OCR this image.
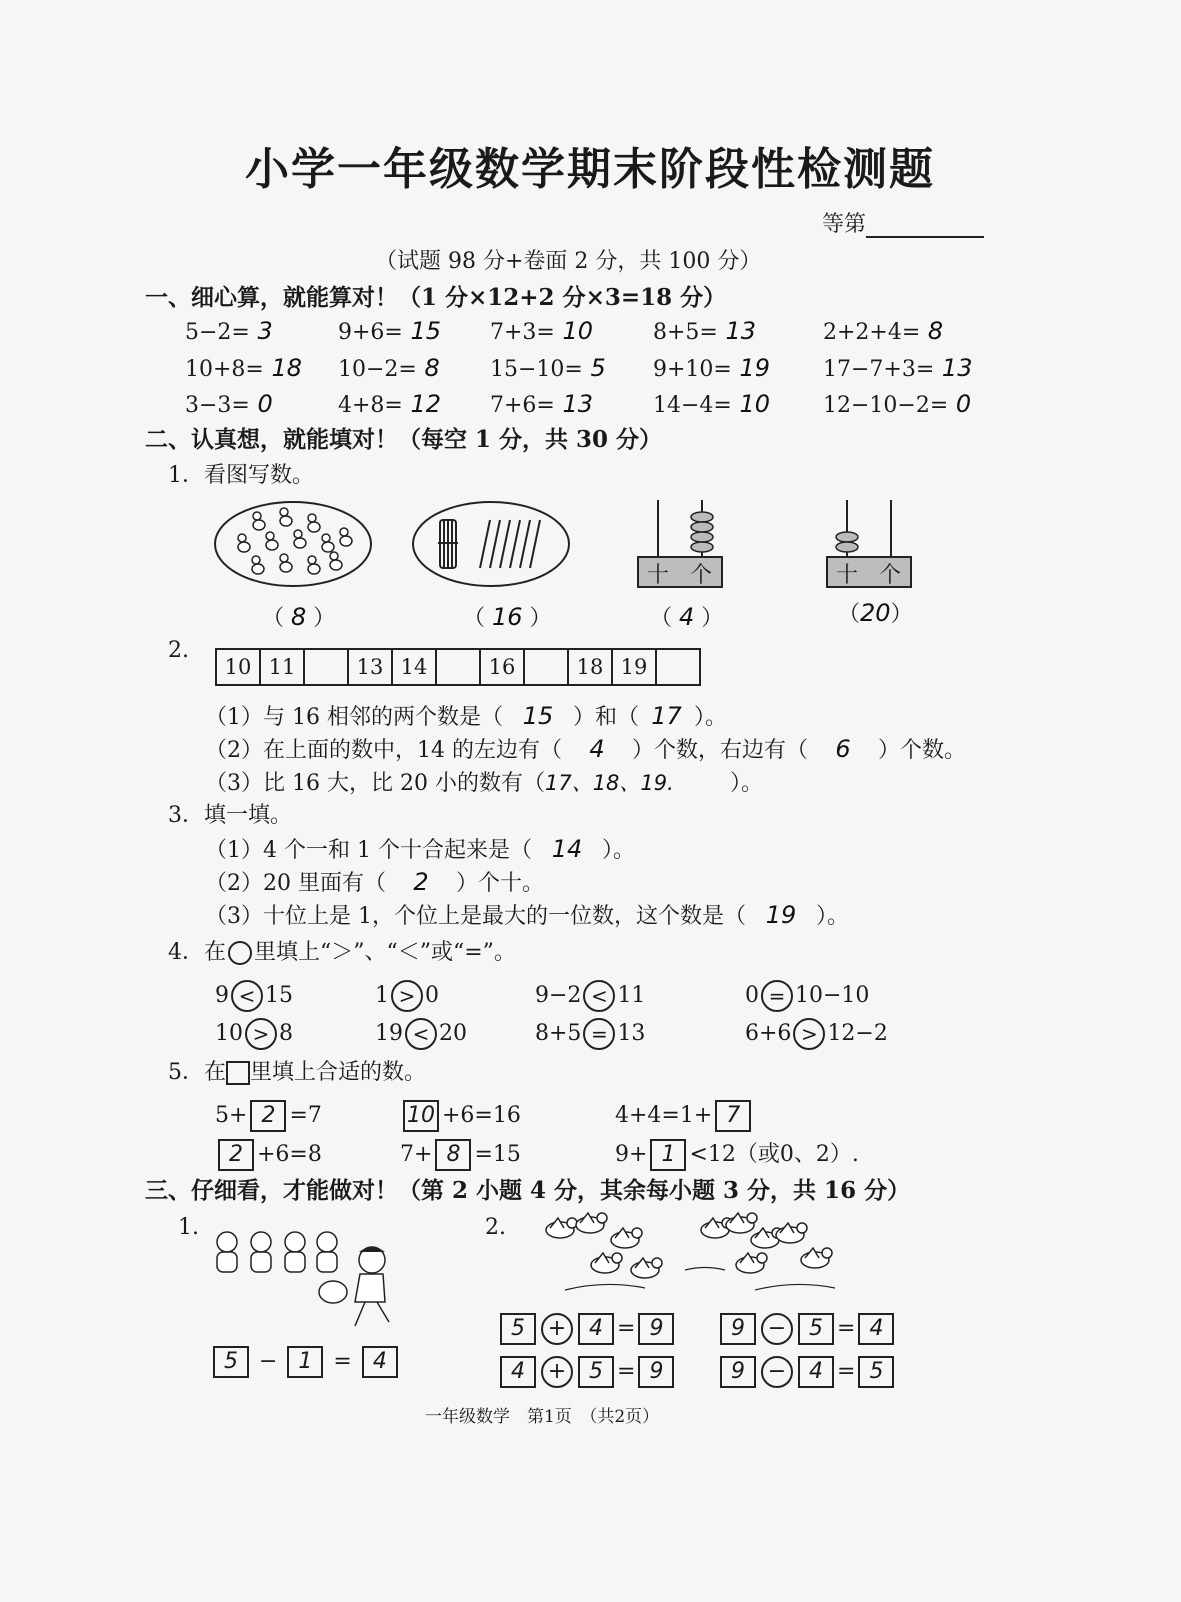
小学一年级数学期末阶段性检测题
等第
（试题 98 分+卷面 2 分，共 100 分）
一、细心算，就能算对！（1 分×12+2 分×3=18 分）
5−2= 3	9+6= 15 7+3= 10	8+5= 13	2+2+4= 8
10+8= 18 10−2= 8 15−10= 5 9+10= 19 17−7+3= 13
3−3= 0	4+8= 12 7+6= 13	14−4= 10 12−10−2= 0
二、认真想，就能填对！（每空 1 分，共 30 分）
1．看图写数。
十 个	十 个
（ 8 ）	（ 16 ）	（ 4 ）	（20）
2.
10 11	13 14	16	18 19
（1）与 16 相邻的两个数是（ 15 ）和（ 17 ）。
（2）在上面的数中，14 的左边有（ 4 ）个数，右边有（ 6 ）个数。
（3）比 16 大，比 20 小的数有（17、18、19.	）。
3．填一填。
（1）4 个一和 1 个十合起来是（ 14 ）。
（2）20 里面有（ 2 ）个十。
（3）十位上是 1，个位上是最大的一位数，这个数是（ 19 ）。
4．在 里填上“＞”、“＜”或“=”。
9 < 15	1 > 0	9−2 < 11	0 = 10−10
10 > 8	19 < 20	8+5 = 13	6+6 > 12−2
5．在 里填上合适的数。
5+ 2 =7	10 +6=16	4+4=1+ 7
2 +6=8	7+ 8 =15	9+ 1 <12（或0、2）.
三、仔细看，才能做对！（第 2 小题 4 分，其余每小题 3 分，共 16 分）
1.	2.
5 − 1 = 4
5 + 4 = 9	9 − 5 = 4
4 + 5 = 9	9 − 4 = 5
一年级数学　第1页　（共2页）
